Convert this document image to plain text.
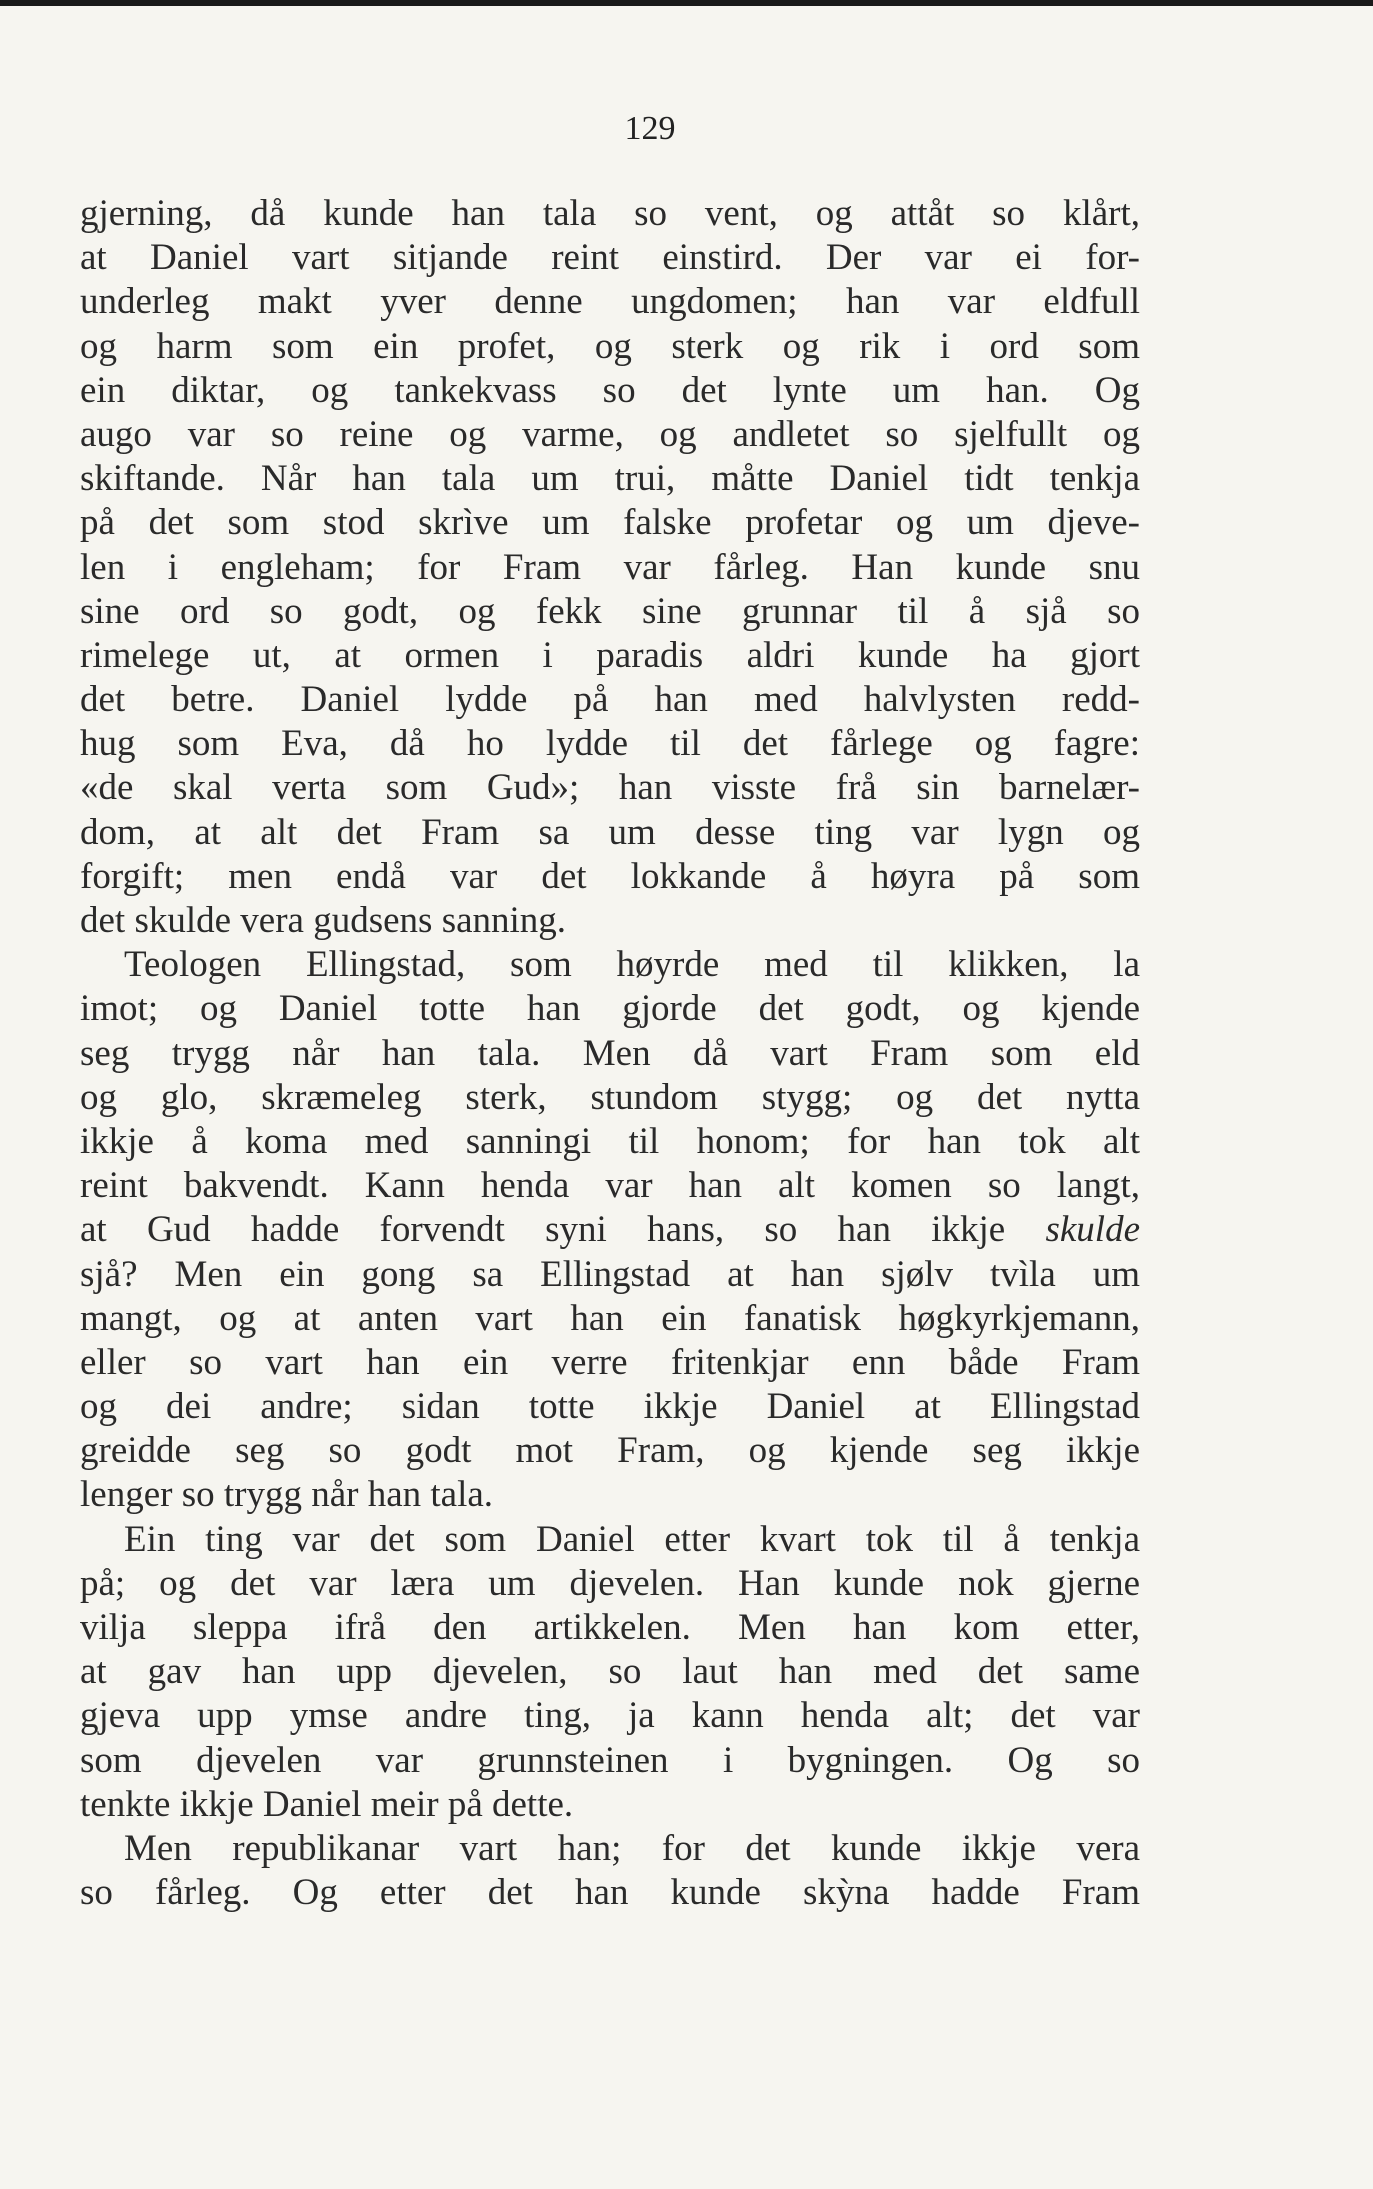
129
gjerning, då kunde han tala so vent, og attåt so klårt,
at Daniel vart sitjande reint einstird. Der var ei for-
underleg makt yver denne ungdomen; han var eldfull
og harm som ein profet, og sterk og rik i ord som
ein diktar, og tankekvass so det lynte um han. Og
augo var so reine og varme, og andletet so sjelfullt og
skiftande. Når han tala um trui, måtte Daniel tidt tenkja
på det som stod skrìve um falske profetar og um djeve-
len i engleham; for Fram var fårleg. Han kunde snu
sine ord so godt, og fekk sine grunnar til å sjå so
rimelege ut, at ormen i paradis aldri kunde ha gjort
det betre. Daniel lydde på han med halvlysten redd-
hug som Eva, då ho lydde til det fårlege og fagre:
«de skal verta som Gud»; han visste frå sin barnelær-
dom, at alt det Fram sa um desse ting var lygn og
forgift; men endå var det lokkande å høyra på som
det skulde vera gudsens sanning.
Teologen Ellingstad, som høyrde med til klikken, la
imot; og Daniel totte han gjorde det godt, og kjende
seg trygg når han tala. Men då vart Fram som eld
og glo, skræmeleg sterk, stundom stygg; og det nytta
ikkje å koma med sanningi til honom; for han tok alt
reint bakvendt. Kann henda var han alt komen so langt,
at Gud hadde forvendt syni hans, so han ikkje skulde
sjå? Men ein gong sa Ellingstad at han sjølv tvìla um
mangt, og at anten vart han ein fanatisk høgkyrkjemann,
eller so vart han ein verre fritenkjar enn både Fram
og dei andre; sidan totte ikkje Daniel at Ellingstad
greidde seg so godt mot Fram, og kjende seg ikkje
lenger so trygg når han tala.
Ein ting var det som Daniel etter kvart tok til å tenkja
på; og det var læra um djevelen. Han kunde nok gjerne
vilja sleppa ifrå den artikkelen. Men han kom etter,
at gav han upp djevelen, so laut han med det same
gjeva upp ymse andre ting, ja kann henda alt; det var
som djevelen var grunnsteinen i bygningen. Og so
tenkte ikkje Daniel meir på dette.
Men republikanar vart han; for det kunde ikkje vera
so fårleg. Og etter det han kunde skỳna hadde Fram
